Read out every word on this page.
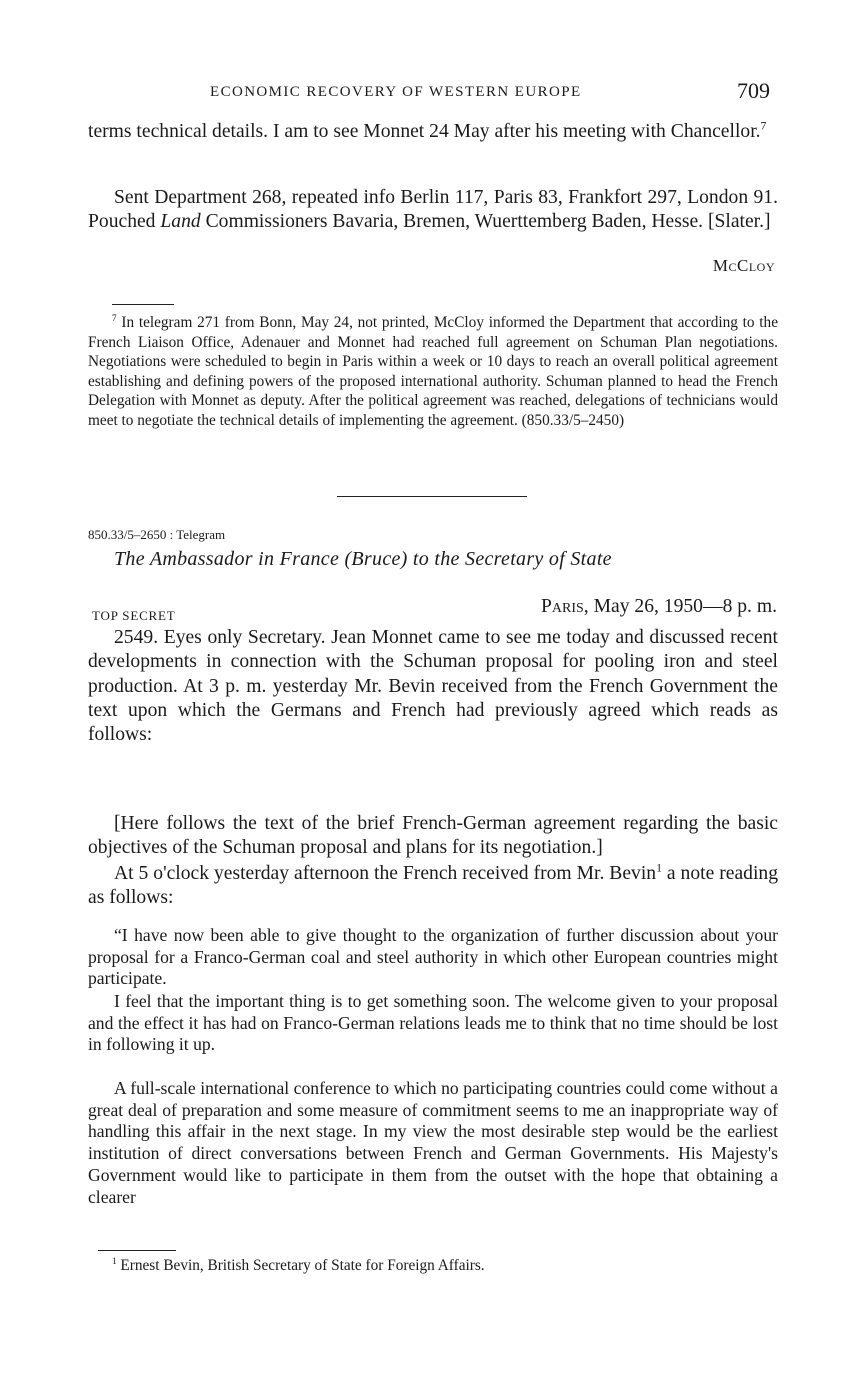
ECONOMIC RECOVERY OF WESTERN EUROPE	709

terms technical details. I am to see Monnet 24 May after his meeting with Chancellor.$^7$

Sent Department 268, repeated info Berlin 117, Paris 83, Frankfort 297, London 91. Pouched Land Commissioners Bavaria, Bremen, Wuerttemberg Baden, Hesse. [Slater.]

McCloy

$^7$ In telegram 271 from Bonn, May 24, not printed, McCloy informed the Department that according to the French Liaison Office, Adenauer and Monnet had reached full agreement on Schuman Plan negotiations. Negotiations were scheduled to begin in Paris within a week or 10 days to reach an overall political agreement establishing and defining powers of the proposed international authority. Schuman planned to head the French Delegation with Monnet as deputy. After the political agreement was reached, delegations of technicians would meet to negotiate the technical details of implementing the agreement. (850.33/5–2450)

850.33/5–2650 : Telegram
The Ambassador in France (Bruce) to the Secretary of State
TOP SECRET	Paris, May 26, 1950—8 p. m.

2549. Eyes only Secretary. Jean Monnet came to see me today and discussed recent developments in connection with the Schuman proposal for pooling iron and steel production. At 3 p. m. yesterday Mr. Bevin received from the French Government the text upon which the Germans and French had previously agreed which reads as follows:

[Here follows the text of the brief French-German agreement regarding the basic objectives of the Schuman proposal and plans for its negotiation.]

At 5 o'clock yesterday afternoon the French received from Mr. Bevin$^1$ a note reading as follows:

“I have now been able to give thought to the organization of further discussion about your proposal for a Franco-German coal and steel authority in which other European countries might participate.

I feel that the important thing is to get something soon. The welcome given to your proposal and the effect it has had on Franco-German relations leads me to think that no time should be lost in following it up.

A full-scale international conference to which no participating countries could come without a great deal of preparation and some measure of commitment seems to me an inappropriate way of handling this affair in the next stage. In my view the most desirable step would be the earliest institution of direct conversations between French and German Governments. His Majesty's Government would like to participate in them from the outset with the hope that obtaining a clearer

$^1$ Ernest Bevin, British Secretary of State for Foreign Affairs.
